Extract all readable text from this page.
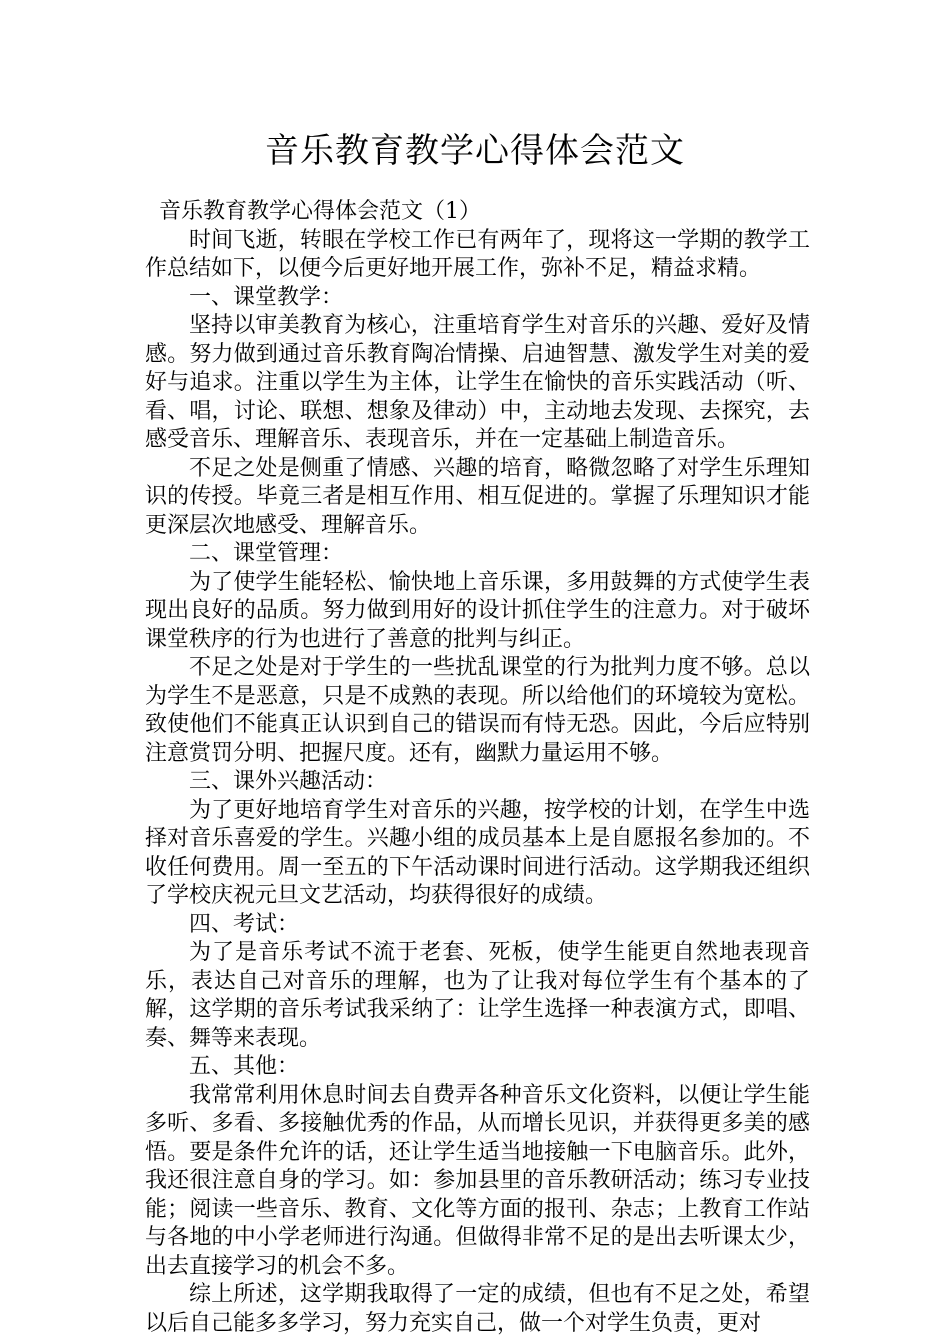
音乐教育教学心得体会范文

音乐教育教学心得体会范文（1）

时间飞逝，转眼在学校工作已有两年了，现将这一学期的教学工作总结如下，以便今后更好地开展工作，弥补不足，精益求精。

一、课堂教学：

坚持以审美教育为核心，注重培育学生对音乐的兴趣、爱好及情感。努力做到通过音乐教育陶冶情操、启迪智慧、激发学生对美的爱好与追求。注重以学生为主体，让学生在愉快的音乐实践活动（听、看、唱，讨论、联想、想象及律动）中，主动地去发现、去探究，去感受音乐、理解音乐、表现音乐，并在一定基础上制造音乐。

不足之处是侧重了情感、兴趣的培育，略微忽略了对学生乐理知识的传授。毕竟三者是相互作用、相互促进的。掌握了乐理知识才能更深层次地感受、理解音乐。

二、课堂管理：

为了使学生能轻松、愉快地上音乐课，多用鼓舞的方式使学生表现出良好的品质。努力做到用好的设计抓住学生的注意力。对于破坏课堂秩序的行为也进行了善意的批判与纠正。

不足之处是对于学生的一些扰乱课堂的行为批判力度不够。总以为学生不是恶意，只是不成熟的表现。所以给他们的环境较为宽松。致使他们不能真正认识到自己的错误而有恃无恐。因此，今后应特别注意赏罚分明、把握尺度。还有，幽默力量运用不够。

三、课外兴趣活动：

为了更好地培育学生对音乐的兴趣，按学校的计划，在学生中选择对音乐喜爱的学生。兴趣小组的成员基本上是自愿报名参加的。不收任何费用。周一至五的下午活动课时间进行活动。这学期我还组织了学校庆祝元旦文艺活动，均获得很好的成绩。

四、考试：

为了是音乐考试不流于老套、死板，使学生能更自然地表现音乐，表达自己对音乐的理解，也为了让我对每位学生有个基本的了解，这学期的音乐考试我采纳了：让学生选择一种表演方式，即唱、奏、舞等来表现。

五、其他：

我常常利用休息时间去自费弄各种音乐文化资料，以便让学生能多听、多看、多接触优秀的作品，从而增长见识，并获得更多美的感悟。要是条件允许的话，还让学生适当地接触一下电脑音乐。此外，我还很注意自身的学习。如：参加县里的音乐教研活动；练习专业技能；阅读一些音乐、教育、文化等方面的报刊、杂志；上教育工作站与各地的中小学老师进行沟通。但做得非常不足的是出去听课太少，出去直接学习的机会不多。

综上所述，这学期我取得了一定的成绩，但也有不足之处，希望以后自己能多多学习，努力充实自己，做一个对学生负责，更对
